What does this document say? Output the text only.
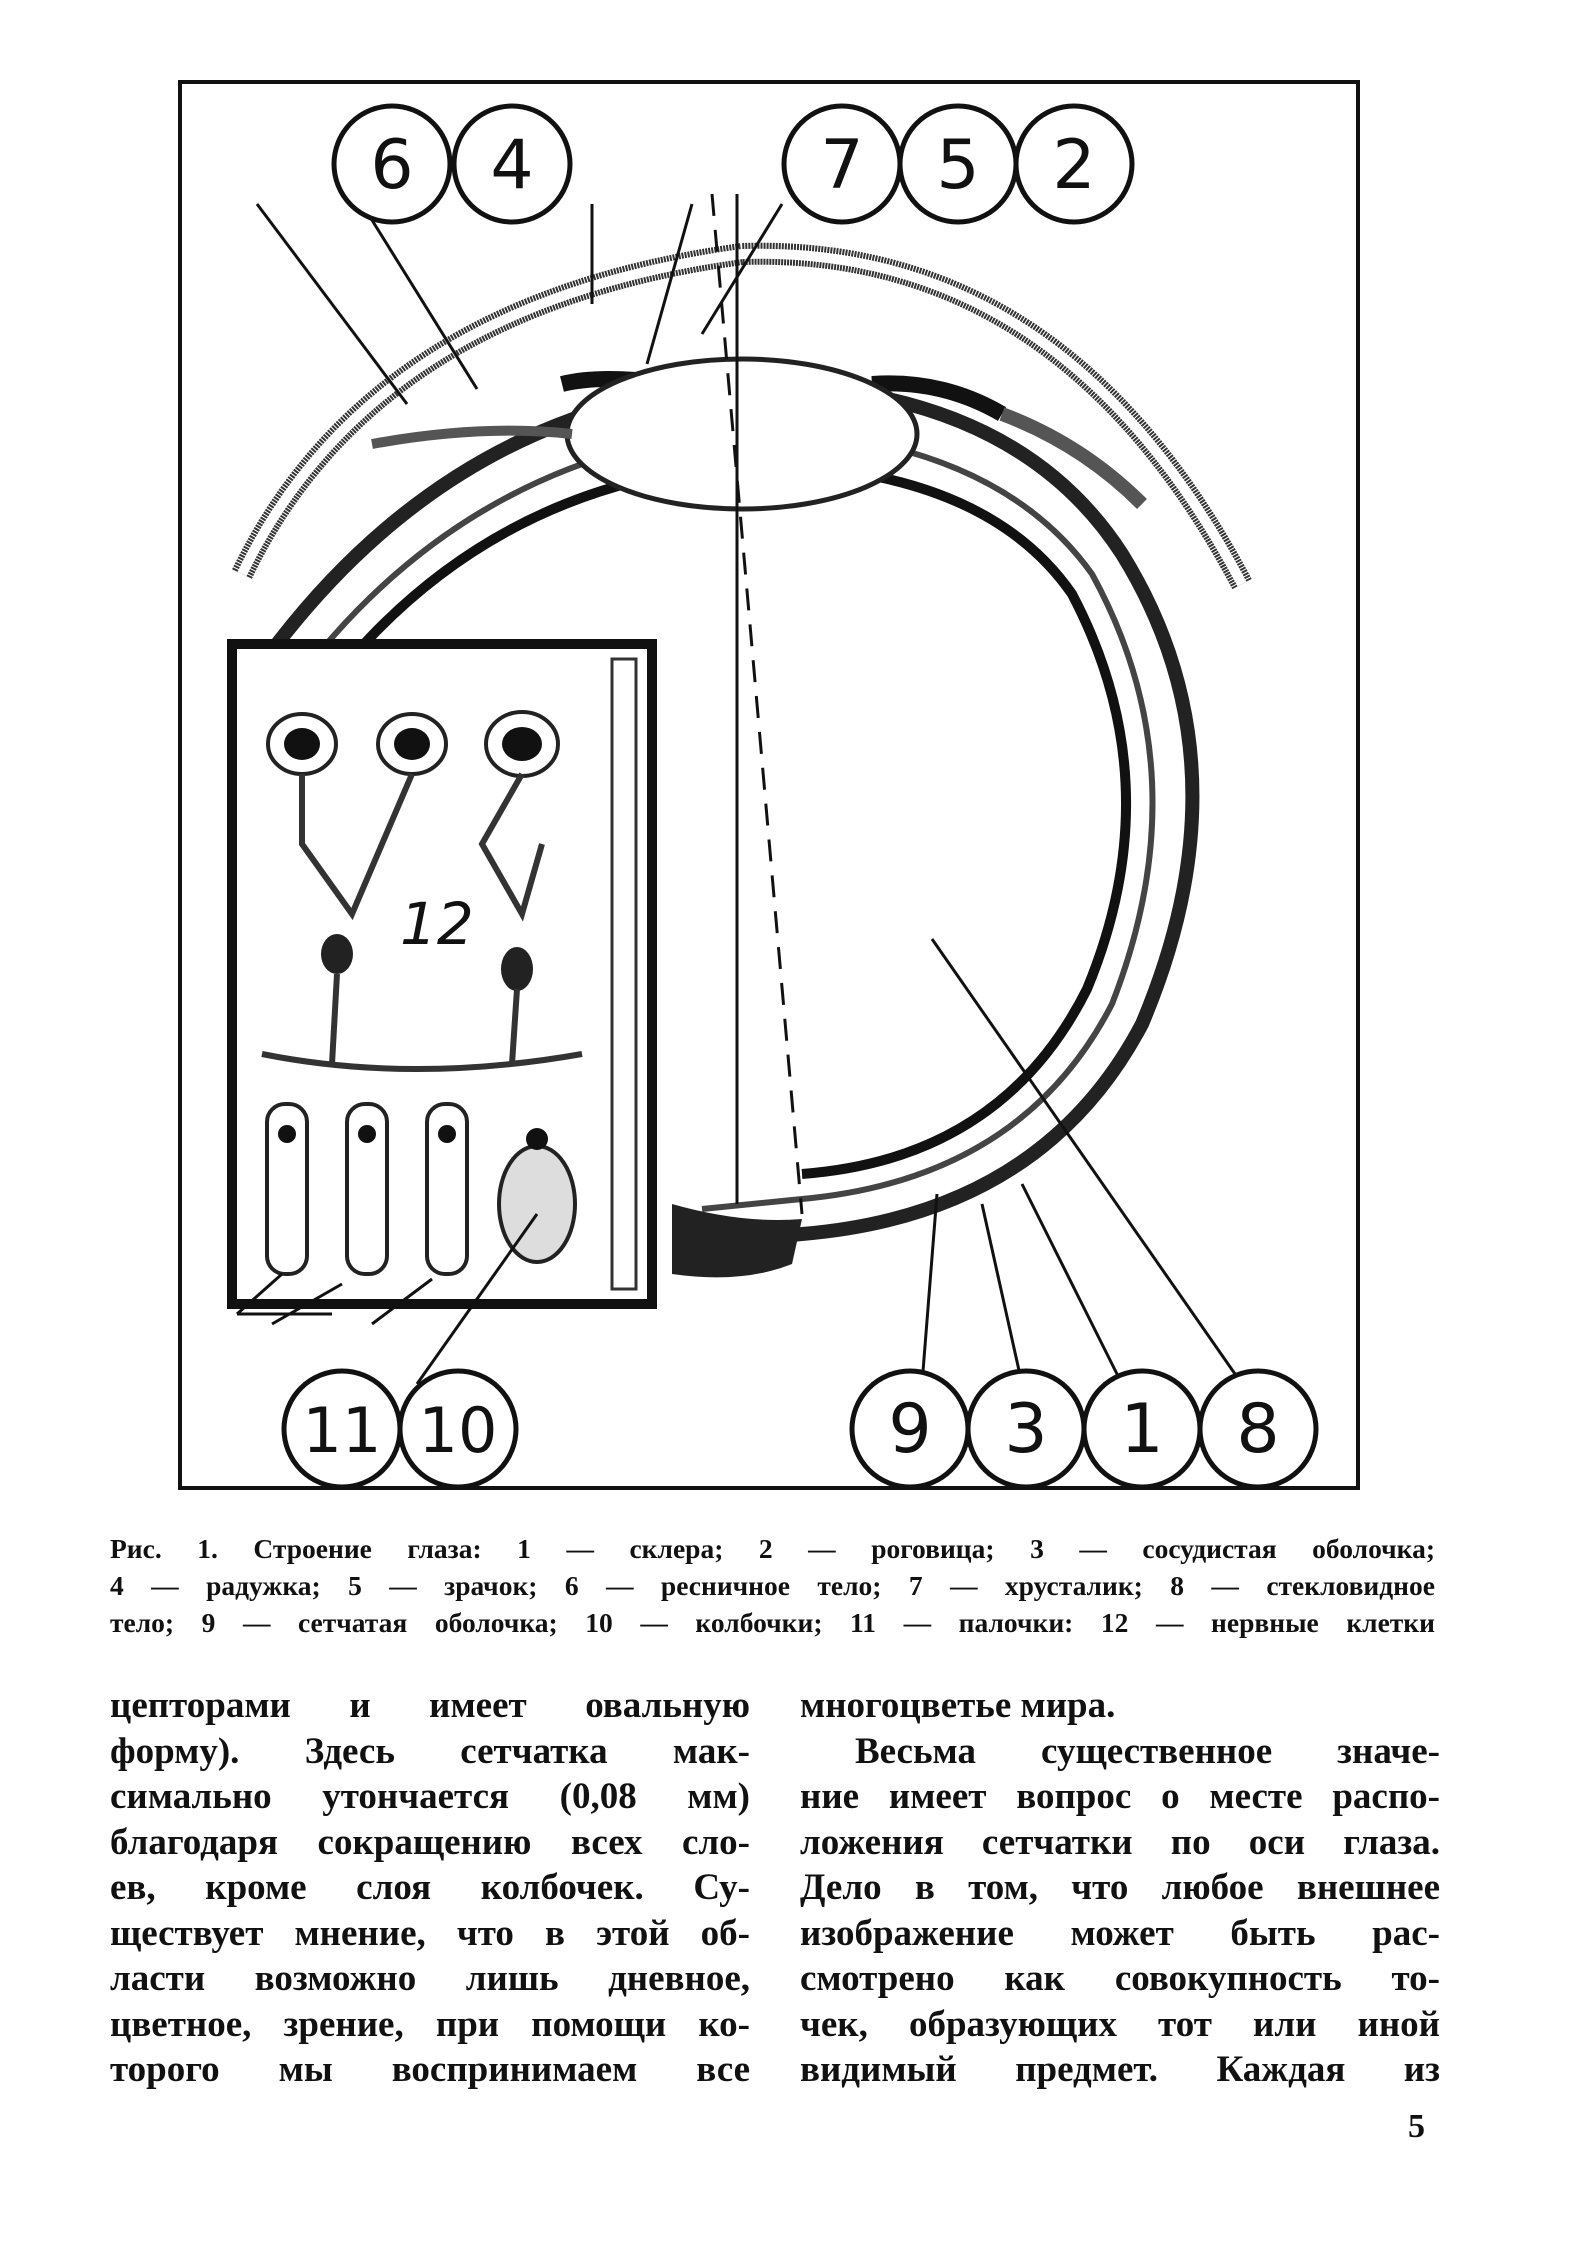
12
6 4	7 5 2
11 10	9 3 1 8
Рис. 1. Строение глаза: 1 — склера; 2 — роговица; 3 — сосудистая оболочка;
4 — радужка; 5 — зрачок; 6 — ресничное тело; 7 — хрусталик; 8 — стекловидное
тело; 9 — сетчатая оболочка; 10 — колбочки; 11 — палочки: 12 — нервные клетки
цепторами и имеет овальную
форму). Здесь сетчатка мак-
симально утончается (0,08 мм)
благодаря сокращению всех сло-
ев, кроме слоя колбочек. Су-
ществует мнение, что в этой об-
ласти возможно лишь дневное,
цветное, зрение, при помощи ко-
торого мы воспринимаем все
многоцветье мира.
Весьма существенное значе-
ние имеет вопрос о месте распо-
ложения сетчатки по оси глаза.
Дело в том, что любое внешнее
изображение может быть рас-
смотрено как совокупность то-
чек, образующих тот или иной
видимый предмет. Каждая из
5
